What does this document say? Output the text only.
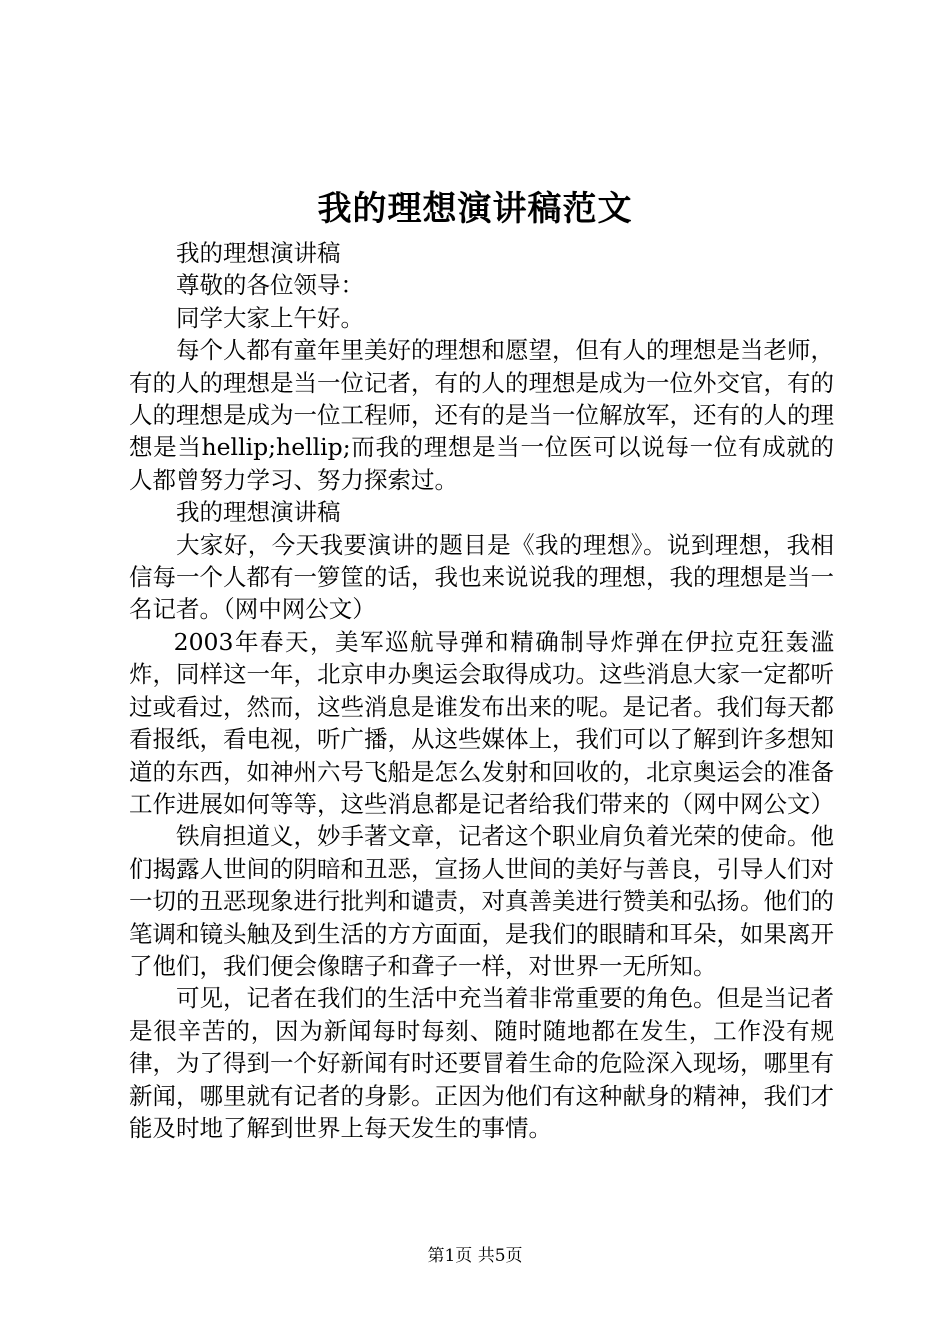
我的理想演讲稿范文

我的理想演讲稿

尊敬的各位领导：

同学大家上午好。

每个人都有童年里美好的理想和愿望，但有人的理想是当老师，有的人的理想是当一位记者，有的人的理想是成为一位外交官，有的人的理想是成为一位工程师，还有的是当一位解放军，还有的人的理想是当hellip;hellip;而我的理想是当一位医可以说每一位有成就的人都曾努力学习、努力探索过。

我的理想演讲稿

大家好，今天我要演讲的题目是《我的理想》。说到理想，我相信每一个人都有一箩筐的话，我也来说说我的理想，我的理想是当一名记者。（网中网公文）

2003年春天，美军巡航导弹和精确制导炸弹在伊拉克狂轰滥炸，同样这一年，北京申办奥运会取得成功。这些消息大家一定都听过或看过，然而，这些消息是谁发布出来的呢。是记者。我们每天都看报纸，看电视，听广播，从这些媒体上，我们可以了解到许多想知道的东西，如神州六号飞船是怎么发射和回收的，北京奥运会的准备工作进展如何等等，这些消息都是记者给我们带来的（网中网公文）

铁肩担道义，妙手著文章，记者这个职业肩负着光荣的使命。他们揭露人世间的阴暗和丑恶，宣扬人世间的美好与善良，引导人们对一切的丑恶现象进行批判和谴责，对真善美进行赞美和弘扬。他们的笔调和镜头触及到生活的方方面面，是我们的眼睛和耳朵，如果离开了他们，我们便会像瞎子和聋子一样，对世界一无所知。

可见，记者在我们的生活中充当着非常重要的角色。但是当记者是很辛苦的，因为新闻每时每刻、随时随地都在发生，工作没有规律，为了得到一个好新闻有时还要冒着生命的危险深入现场，哪里有新闻，哪里就有记者的身影。正因为他们有这种献身的精神，我们才能及时地了解到世界上每天发生的事情。

第1页 共5页
